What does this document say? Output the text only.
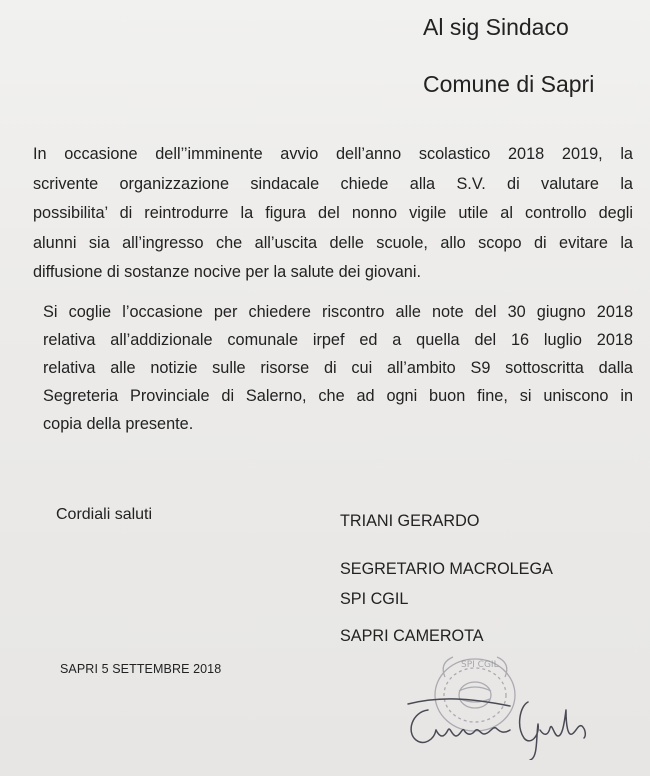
Al sig Sindaco
Comune di Sapri
In occasione dell’’imminente avvio dell’anno scolastico 2018 2019, la
scrivente organizzazione sindacale chiede alla S.V. di valutare la
possibilita’ di reintrodurre la figura del nonno vigile utile al controllo degli
alunni sia all’ingresso che all’uscita delle scuole, allo scopo di evitare la
diffusione di sostanze nocive per la salute dei giovani.
Si coglie l’occasione per chiedere riscontro alle note del 30 giugno 2018
relativa all’addizionale comunale irpef ed a quella del 16 luglio 2018
relativa alle notizie sulle risorse di cui all’ambito S9 sottoscritta dalla
Segreteria Provinciale di Salerno, che ad ogni buon fine, si uniscono in
copia della presente.
Cordiali saluti	TRIANI GERARDO
SEGRETARIO MACROLEGA
SPI CGIL
SAPRI CAMEROTA
SAPRI 5 SETTEMBRE 2018	SPI CGIL
